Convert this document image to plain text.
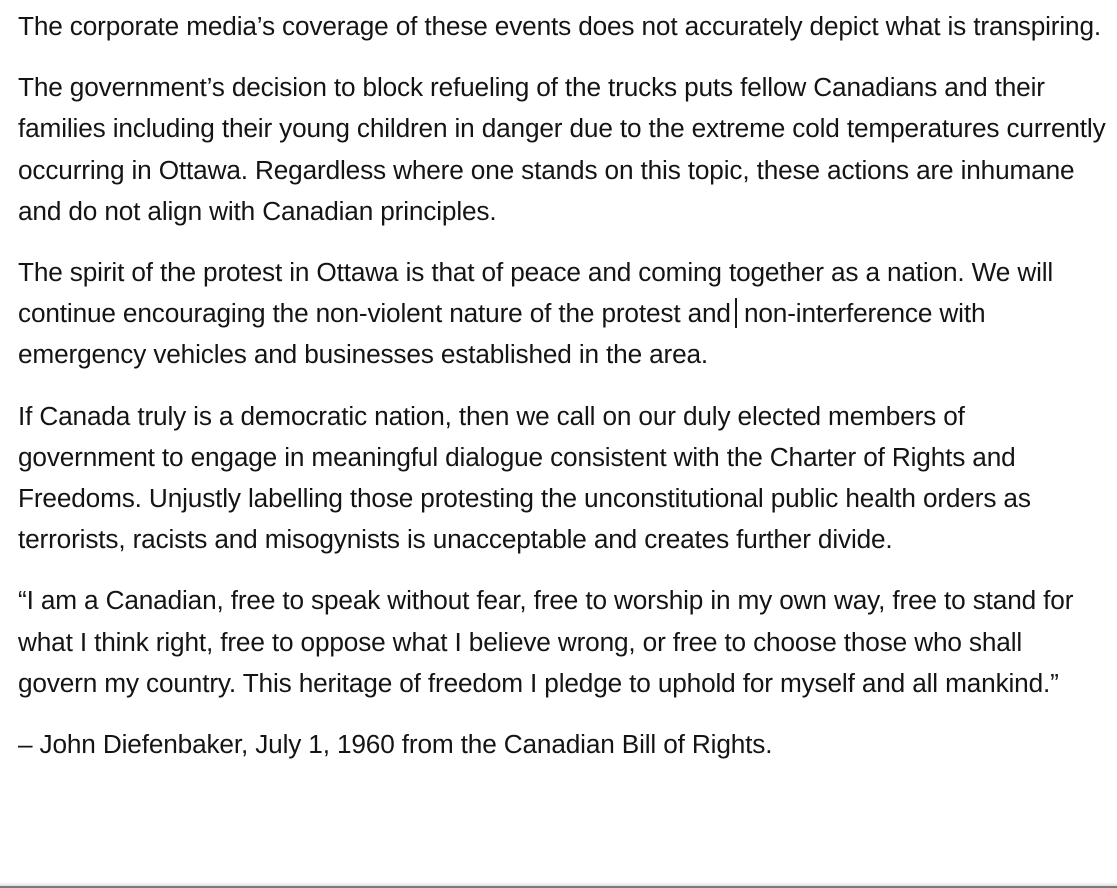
The corporate media’s coverage of these events does not accurately depict what is transpiring.

The government’s decision to block refueling of the trucks puts fellow Canadians and their families including their young children in danger due to the extreme cold temperatures currently occurring in Ottawa. Regardless where one stands on this topic, these actions are inhumane and do not align with Canadian principles.

The spirit of the protest in Ottawa is that of peace and coming together as a nation. We will continue encouraging the non-violent nature of the protest and non-interference with emergency vehicles and businesses established in the area.

If Canada truly is a democratic nation, then we call on our duly elected members of government to engage in meaningful dialogue consistent with the Charter of Rights and Freedoms. Unjustly labelling those protesting the unconstitutional public health orders as terrorists, racists and misogynists is unacceptable and creates further divide.

“I am a Canadian, free to speak without fear, free to worship in my own way, free to stand for what I think right, free to oppose what I believe wrong, or free to choose those who shall govern my country. This heritage of freedom I pledge to uphold for myself and all mankind.”

– John Diefenbaker, July 1, 1960 from the Canadian Bill of Rights.
